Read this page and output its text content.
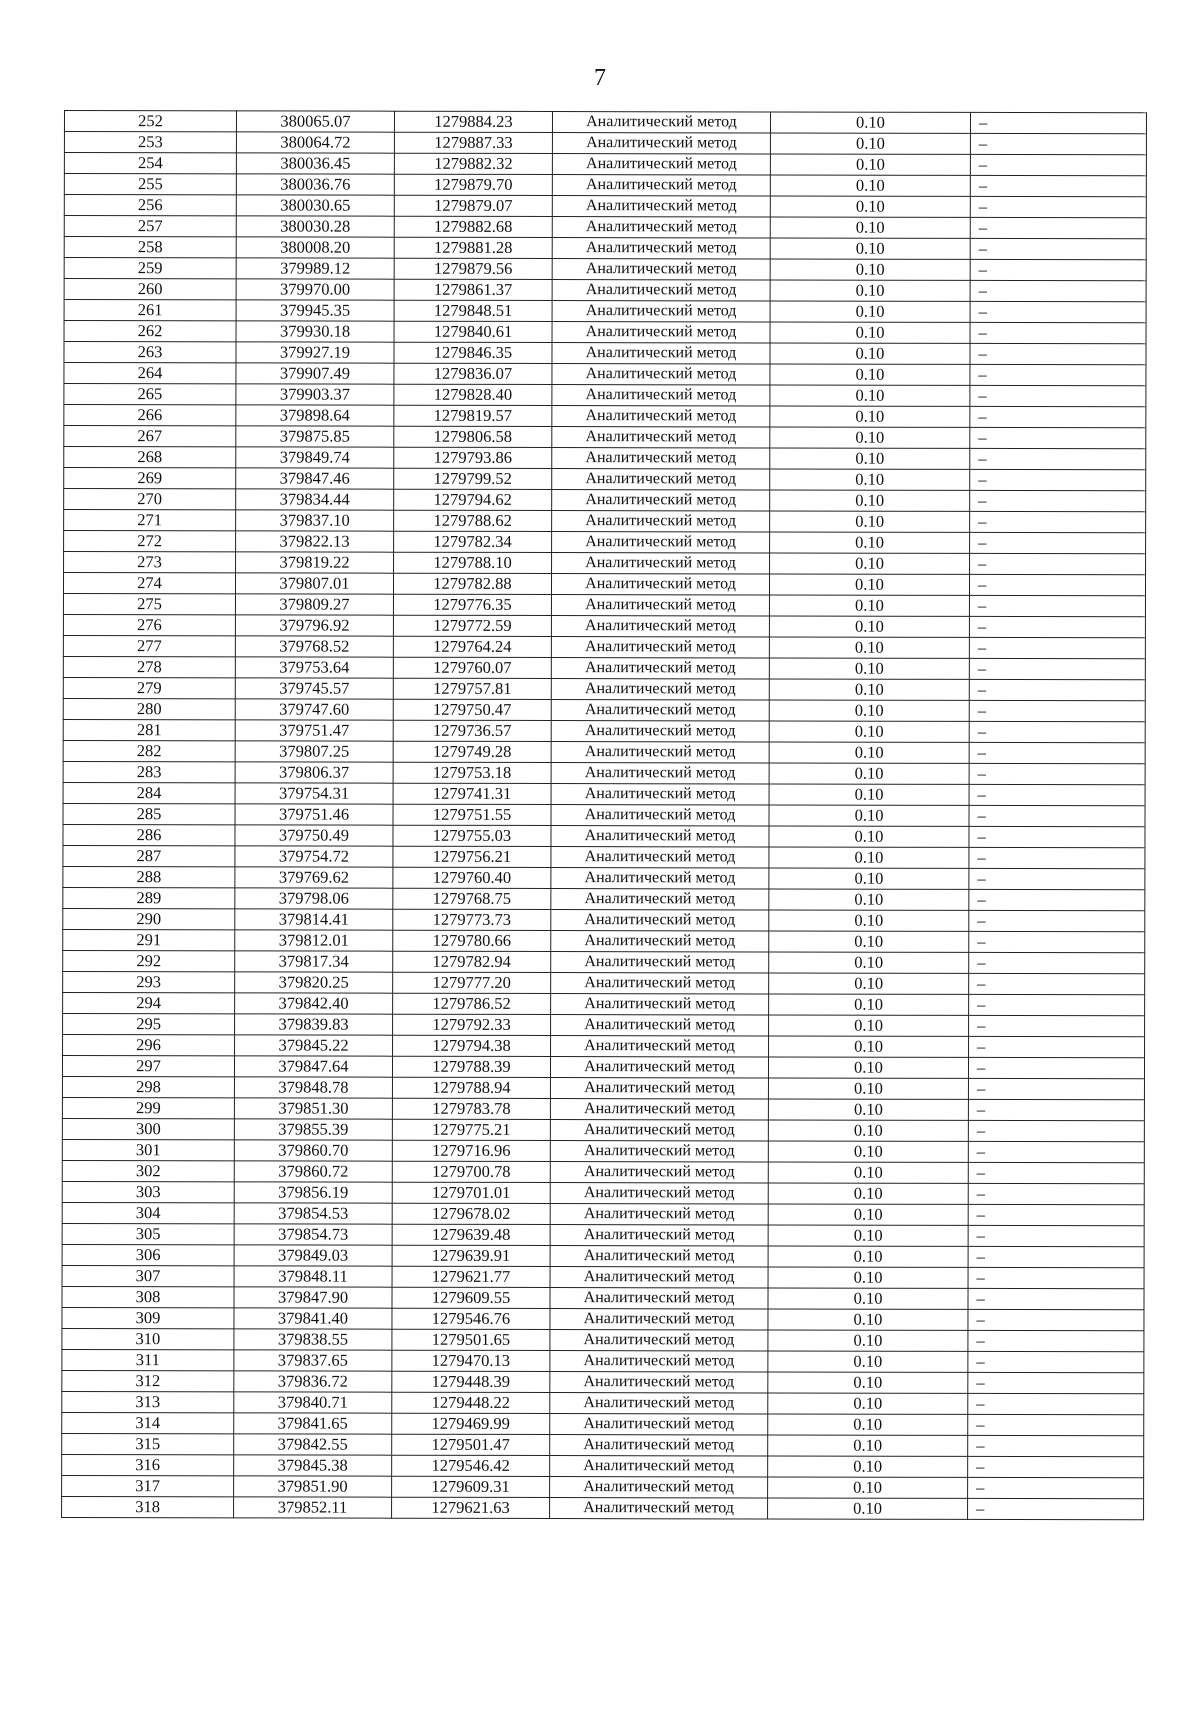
7
252	380065.07	1279884.23	Аналитический метод	0.10	–
253	380064.72	1279887.33	Аналитический метод	0.10	–
254	380036.45	1279882.32	Аналитический метод	0.10	–
255	380036.76	1279879.70	Аналитический метод	0.10	–
256	380030.65	1279879.07	Аналитический метод	0.10	–
257	380030.28	1279882.68	Аналитический метод	0.10	–
258	380008.20	1279881.28	Аналитический метод	0.10	–
259	379989.12	1279879.56	Аналитический метод	0.10	–
260	379970.00	1279861.37	Аналитический метод	0.10	–
261	379945.35	1279848.51	Аналитический метод	0.10	–
262	379930.18	1279840.61	Аналитический метод	0.10	–
263	379927.19	1279846.35	Аналитический метод	0.10	–
264	379907.49	1279836.07	Аналитический метод	0.10	–
265	379903.37	1279828.40	Аналитический метод	0.10	–
266	379898.64	1279819.57	Аналитический метод	0.10	–
267	379875.85	1279806.58	Аналитический метод	0.10	–
268	379849.74	1279793.86	Аналитический метод	0.10	–
269	379847.46	1279799.52	Аналитический метод	0.10	–
270	379834.44	1279794.62	Аналитический метод	0.10	–
271	379837.10	1279788.62	Аналитический метод	0.10	–
272	379822.13	1279782.34	Аналитический метод	0.10	–
273	379819.22	1279788.10	Аналитический метод	0.10	–
274	379807.01	1279782.88	Аналитический метод	0.10	–
275	379809.27	1279776.35	Аналитический метод	0.10	–
276	379796.92	1279772.59	Аналитический метод	0.10	–
277	379768.52	1279764.24	Аналитический метод	0.10	–
278	379753.64	1279760.07	Аналитический метод	0.10	–
279	379745.57	1279757.81	Аналитический метод	0.10	–
280	379747.60	1279750.47	Аналитический метод	0.10	–
281	379751.47	1279736.57	Аналитический метод	0.10	–
282	379807.25	1279749.28	Аналитический метод	0.10	–
283	379806.37	1279753.18	Аналитический метод	0.10	–
284	379754.31	1279741.31	Аналитический метод	0.10	–
285	379751.46	1279751.55	Аналитический метод	0.10	–
286	379750.49	1279755.03	Аналитический метод	0.10	–
287	379754.72	1279756.21	Аналитический метод	0.10	–
288	379769.62	1279760.40	Аналитический метод	0.10	–
289	379798.06	1279768.75	Аналитический метод	0.10	–
290	379814.41	1279773.73	Аналитический метод	0.10	–
291	379812.01	1279780.66	Аналитический метод	0.10	–
292	379817.34	1279782.94	Аналитический метод	0.10	–
293	379820.25	1279777.20	Аналитический метод	0.10	–
294	379842.40	1279786.52	Аналитический метод	0.10	–
295	379839.83	1279792.33	Аналитический метод	0.10	–
296	379845.22	1279794.38	Аналитический метод	0.10	–
297	379847.64	1279788.39	Аналитический метод	0.10	–
298	379848.78	1279788.94	Аналитический метод	0.10	–
299	379851.30	1279783.78	Аналитический метод	0.10	–
300	379855.39	1279775.21	Аналитический метод	0.10	–
301	379860.70	1279716.96	Аналитический метод	0.10	–
302	379860.72	1279700.78	Аналитический метод	0.10	–
303	379856.19	1279701.01	Аналитический метод	0.10	–
304	379854.53	1279678.02	Аналитический метод	0.10	–
305	379854.73	1279639.48	Аналитический метод	0.10	–
306	379849.03	1279639.91	Аналитический метод	0.10	–
307	379848.11	1279621.77	Аналитический метод	0.10	–
308	379847.90	1279609.55	Аналитический метод	0.10	–
309	379841.40	1279546.76	Аналитический метод	0.10	–
310	379838.55	1279501.65	Аналитический метод	0.10	–
311	379837.65	1279470.13	Аналитический метод	0.10	–
312	379836.72	1279448.39	Аналитический метод	0.10	–
313	379840.71	1279448.22	Аналитический метод	0.10	–
314	379841.65	1279469.99	Аналитический метод	0.10	–
315	379842.55	1279501.47	Аналитический метод	0.10	–
316	379845.38	1279546.42	Аналитический метод	0.10	–
317	379851.90	1279609.31	Аналитический метод	0.10	–
318	379852.11	1279621.63	Аналитический метод	0.10	–
